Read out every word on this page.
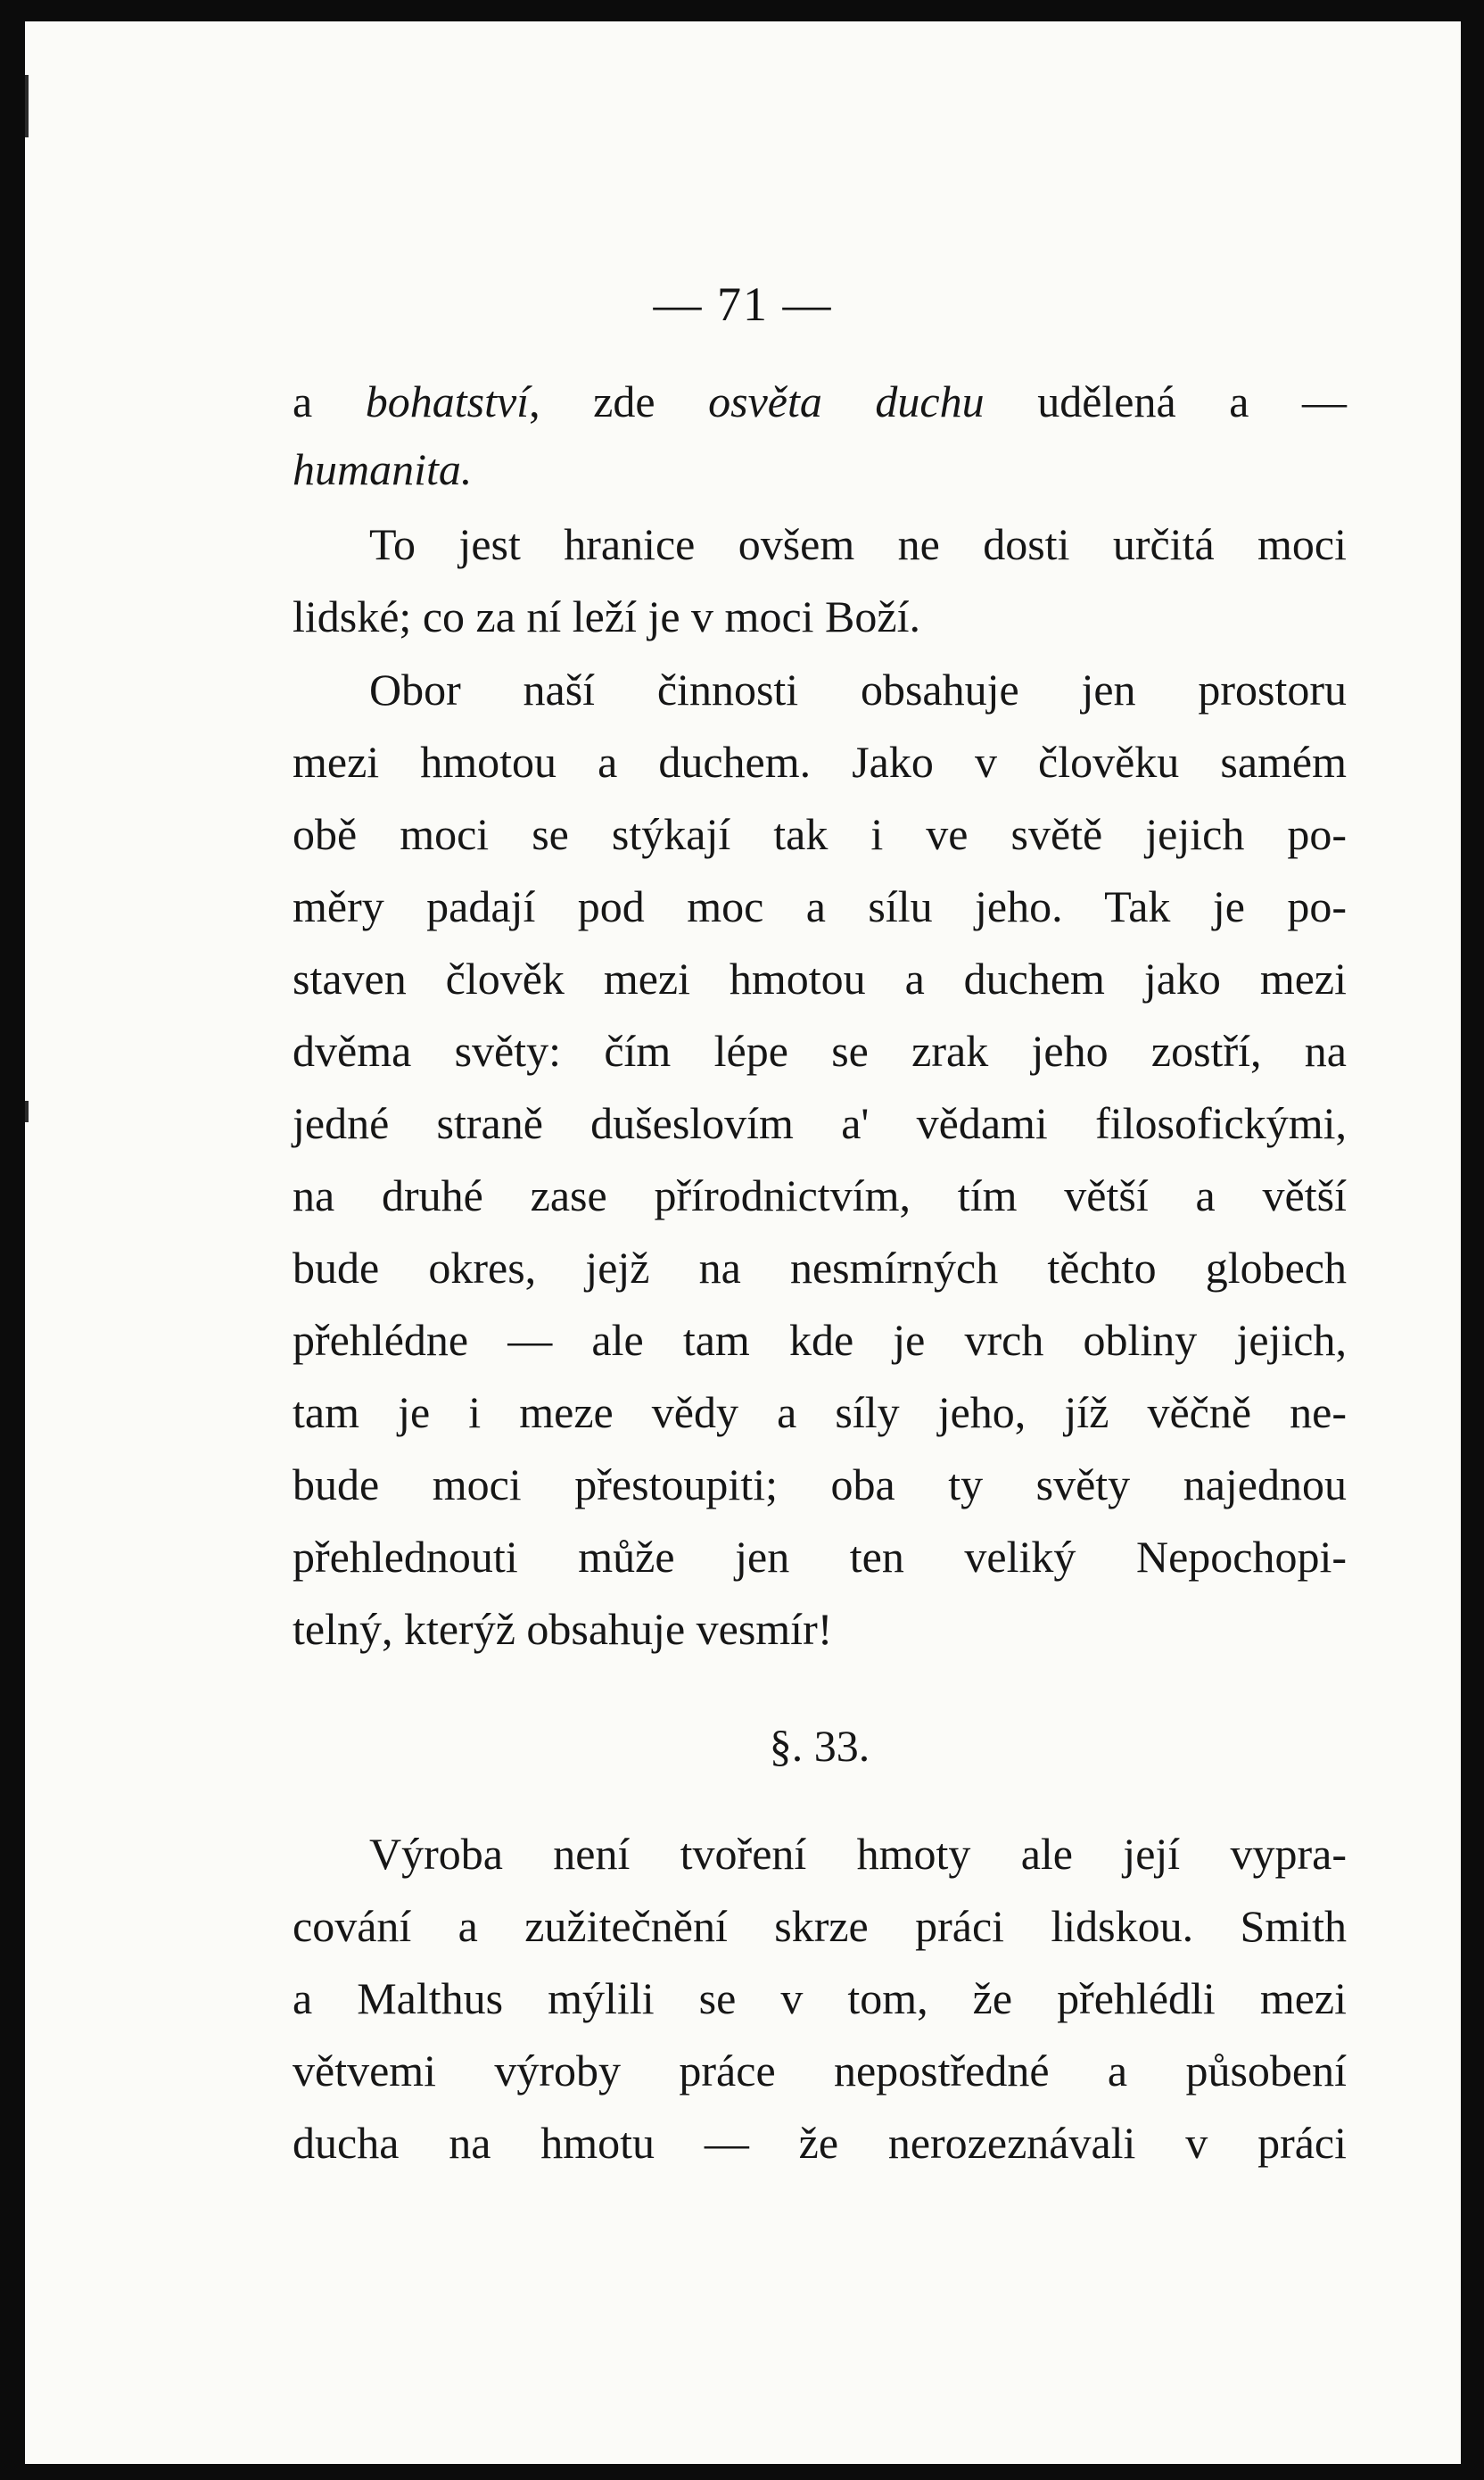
— 71 —
a bohatství, zde osvěta duchu udělená a —
humanita.
To jest hranice ovšem ne dosti určitá moci
lidské; co za ní leží je v moci Boží.
Obor naší činnosti obsahuje jen prostoru
mezi hmotou a duchem. Jako v člověku samém
obě moci se stýkají tak i ve světě jejich po-
měry padají pod moc a sílu jeho. Tak je po-
staven člověk mezi hmotou a duchem jako mezi
dvěma světy: čím lépe se zrak jeho zostří, na
jedné straně dušeslovím a' vědami filosofickými,
na druhé zase přírodnictvím, tím větší a větší
bude okres, jejž na nesmírných těchto globech
přehlédne — ale tam kde je vrch obliny jejich,
tam je i meze vědy a síly jeho, jíž věčně ne-
bude moci přestoupiti; oba ty světy najednou
přehlednouti může jen ten veliký Nepochopi-
telný, kterýž obsahuje vesmír!
§. 33.
Výroba není tvoření hmoty ale její vypra-
cování a zužitečnění skrze práci lidskou. Smith
a Malthus mýlili se v tom, že přehlédli mezi
větvemi výroby práce nepostředné a působení
ducha na hmotu — že nerozeznávali v práci
